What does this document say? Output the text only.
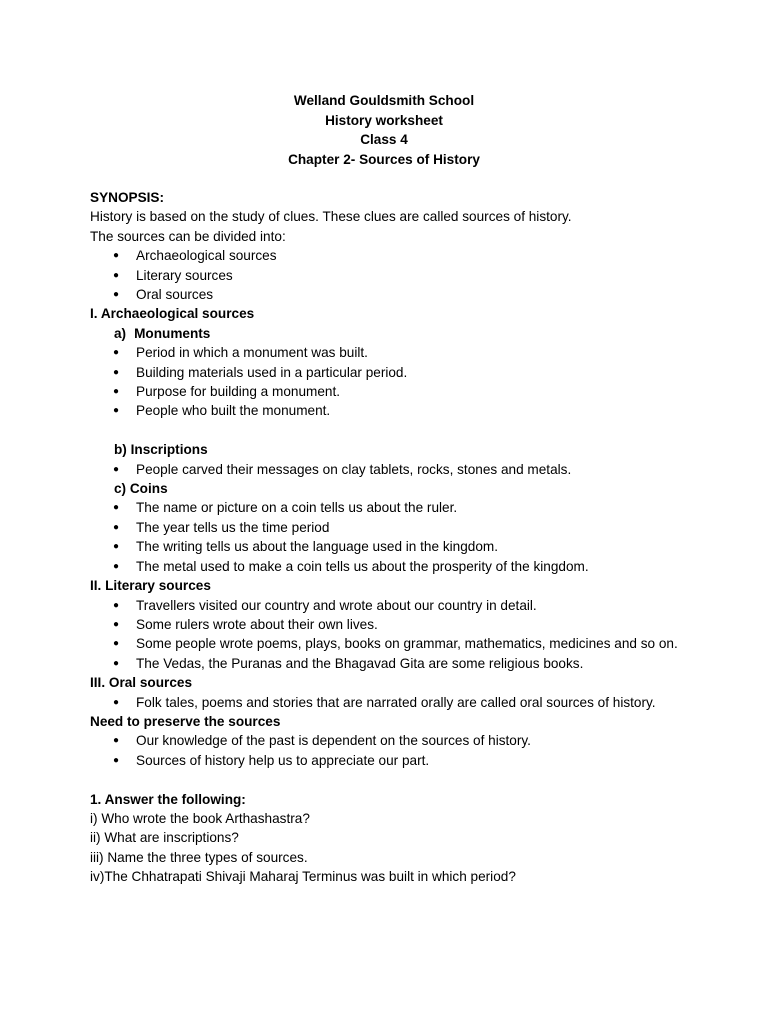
Welland Gouldsmith School
History worksheet
Class 4
Chapter 2- Sources of History
SYNOPSIS:
History is based on the study of clues. These clues are called sources of history.
The sources can be divided into:
● Archaeological sources
● Literary sources
● Oral sources
I. Archaeological sources
a) Monuments
● Period in which a monument was built.
● Building materials used in a particular period.
● Purpose for building a monument.
● People who built the monument.
b) Inscriptions
● People carved their messages on clay tablets, rocks, stones and metals.
c) Coins
● The name or picture on a coin tells us about the ruler.
● The year tells us the time period
● The writing tells us about the language used in the kingdom.
● The metal used to make a coin tells us about the prosperity of the kingdom.
II. Literary sources
● Travellers visited our country and wrote about our country in detail.
● Some rulers wrote about their own lives.
● Some people wrote poems, plays, books on grammar, mathematics, medicines and so on.
● The Vedas, the Puranas and the Bhagavad Gita are some religious books.
III. Oral sources
● Folk tales, poems and stories that are narrated orally are called oral sources of history.
Need to preserve the sources
● Our knowledge of the past is dependent on the sources of history.
● Sources of history help us to appreciate our part.
1. Answer the following:
i) Who wrote the book Arthashastra?
ii) What are inscriptions?
iii) Name the three types of sources.
iv)The Chhatrapati Shivaji Maharaj Terminus was built in which period?
